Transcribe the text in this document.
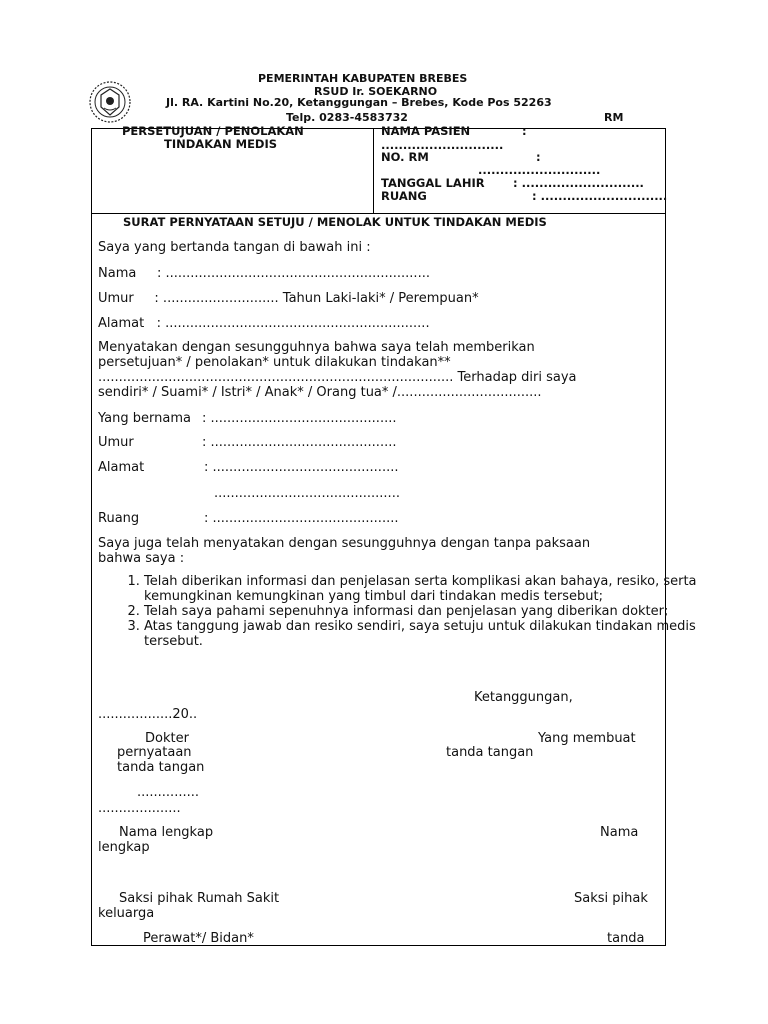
PEMERINTAH KABUPATEN BREBES
RSUD Ir. SOEKARNO
Jl. RA. Kartini No.20, Ketanggungan – Brebes, Kode Pos 52263
Telp. 0283-4583732	RM
PERSETUJUAN / PENOLAKAN
TINDAKAN MEDIS
NAMA PASIEN	:
............................
NO. RM	:
............................
TANGGAL LAHIR : ............................
RUANG	: .............................
SURAT PERNYATAAN SETUJU / MENOLAK UNTUK TINDAKAN MEDIS
Saya yang bertanda tangan di bawah ini :
Nama     : ................................................................
Umur     : ............................ Tahun Laki-laki* / Perempuan*
Alamat   : ................................................................
Menyatakan dengan sesungguhnya bahwa saya telah memberikan
persetujuan* / penolakan* untuk dilakukan tindakan**
...................................................................................... Terhadap diri saya
sendiri* / Suami* / Istri* / Anak* / Orang tua* /...................................
Yang bernama : .............................................
Umur	: .............................................
Alamat	: .............................................
.............................................
Ruang	: .............................................
Saya juga telah menyatakan dengan sesungguhnya dengan tanpa paksaan
bahwa saya :
1. Telah diberikan informasi dan penjelasan serta komplikasi akan bahaya, resiko, serta kemungkinan kemungkinan yang timbul dari tindakan medis tersebut;
2. Telah saya pahami sepenuhnya informasi dan penjelasan yang diberikan dokter;
3. Atas tanggung jawab dan resiko sendiri, saya setuju untuk dilakukan tindakan medis tersebut.
Ketanggungan,
..................20..
Dokter	Yang membuat
pernyataan	tanda tangan
tanda tangan
...............
....................
Nama lengkap	Nama
lengkap
Saksi pihak Rumah Sakit	Saksi pihak
keluarga
Perawat*/ Bidan*	tanda
